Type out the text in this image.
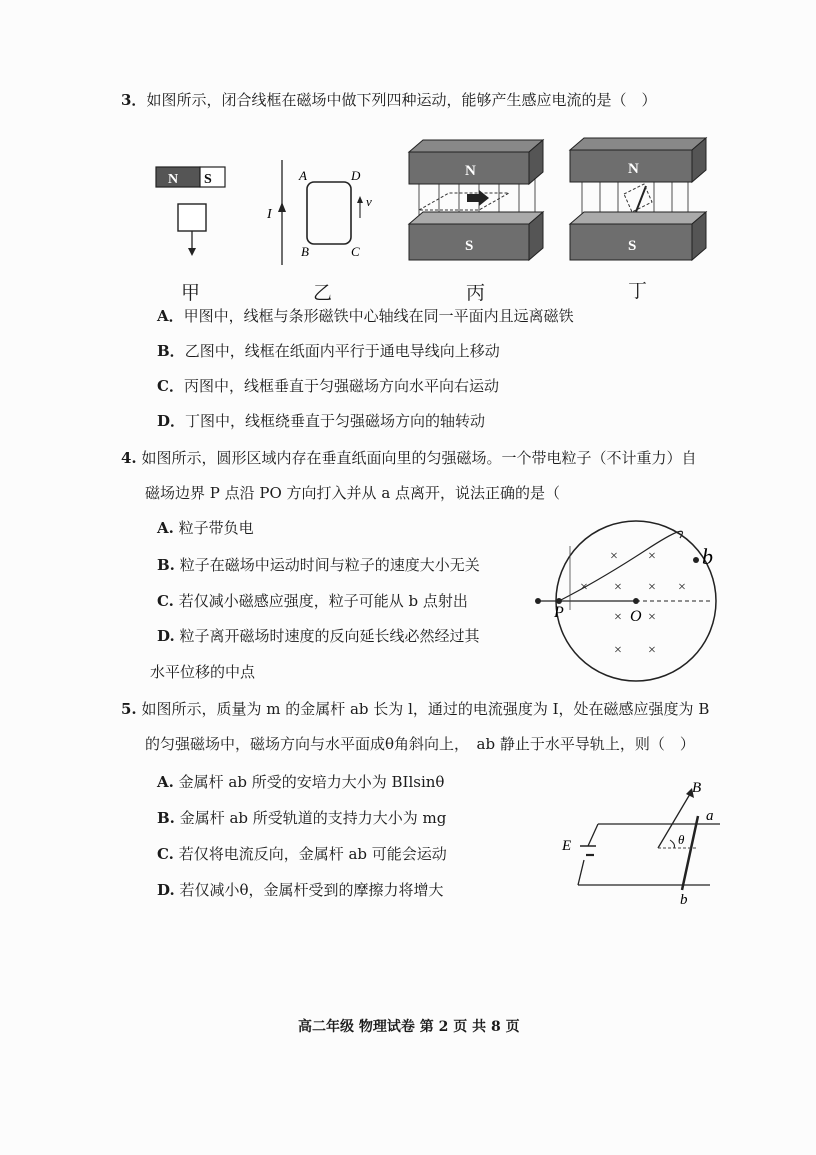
3．如图所示，闭合线框在磁场中做下列四种运动，能够产生感应电流的是（　）
N S
甲
I
A	D
B	C
v
乙
N
S
丙
N
S
丁
A．甲图中，线框与条形磁铁中心轴线在同一平面内且远离磁铁
B．乙图中，线框在纸面内平行于通电导线向上移动
C．丙图中，线框垂直于匀强磁场方向水平向右运动
D．丁图中，线框绕垂直于匀强磁场方向的轴转动
4. 如图所示，圆形区域内存在垂直纸面向里的匀强磁场。一个带电粒子（不计重力）自
磁场边界 P 点沿 PO 方向打入并从 a 点离开，说法正确的是（
A. 粒子带负电
B. 粒子在磁场中运动时间与粒子的速度大小无关
C. 若仅减小磁感应强度，粒子可能从 b 点射出
D. 粒子离开磁场时速度的反向延长线必然经过其
水平位移的中点
P	O
b
× ×
× × × ×
×
×
× ×
5. 如图所示，质量为 m 的金属杆 ab 长为 l，通过的电流强度为 I，处在磁感应强度为 B
的匀强磁场中，磁场方向与水平面成θ角斜向上，　ab 静止于水平导轨上，则（　）
A. 金属杆 ab 所受的安培力大小为 BIlsinθ
B. 金属杆 ab 所受轨道的支持力大小为 mg
C. 若仅将电流反向，金属杆 ab 可能会运动
D. 若仅减小θ，金属杆受到的摩擦力将增大
E	θ
B
a
b
高二年级 物理试卷 第 2 页 共 8 页
